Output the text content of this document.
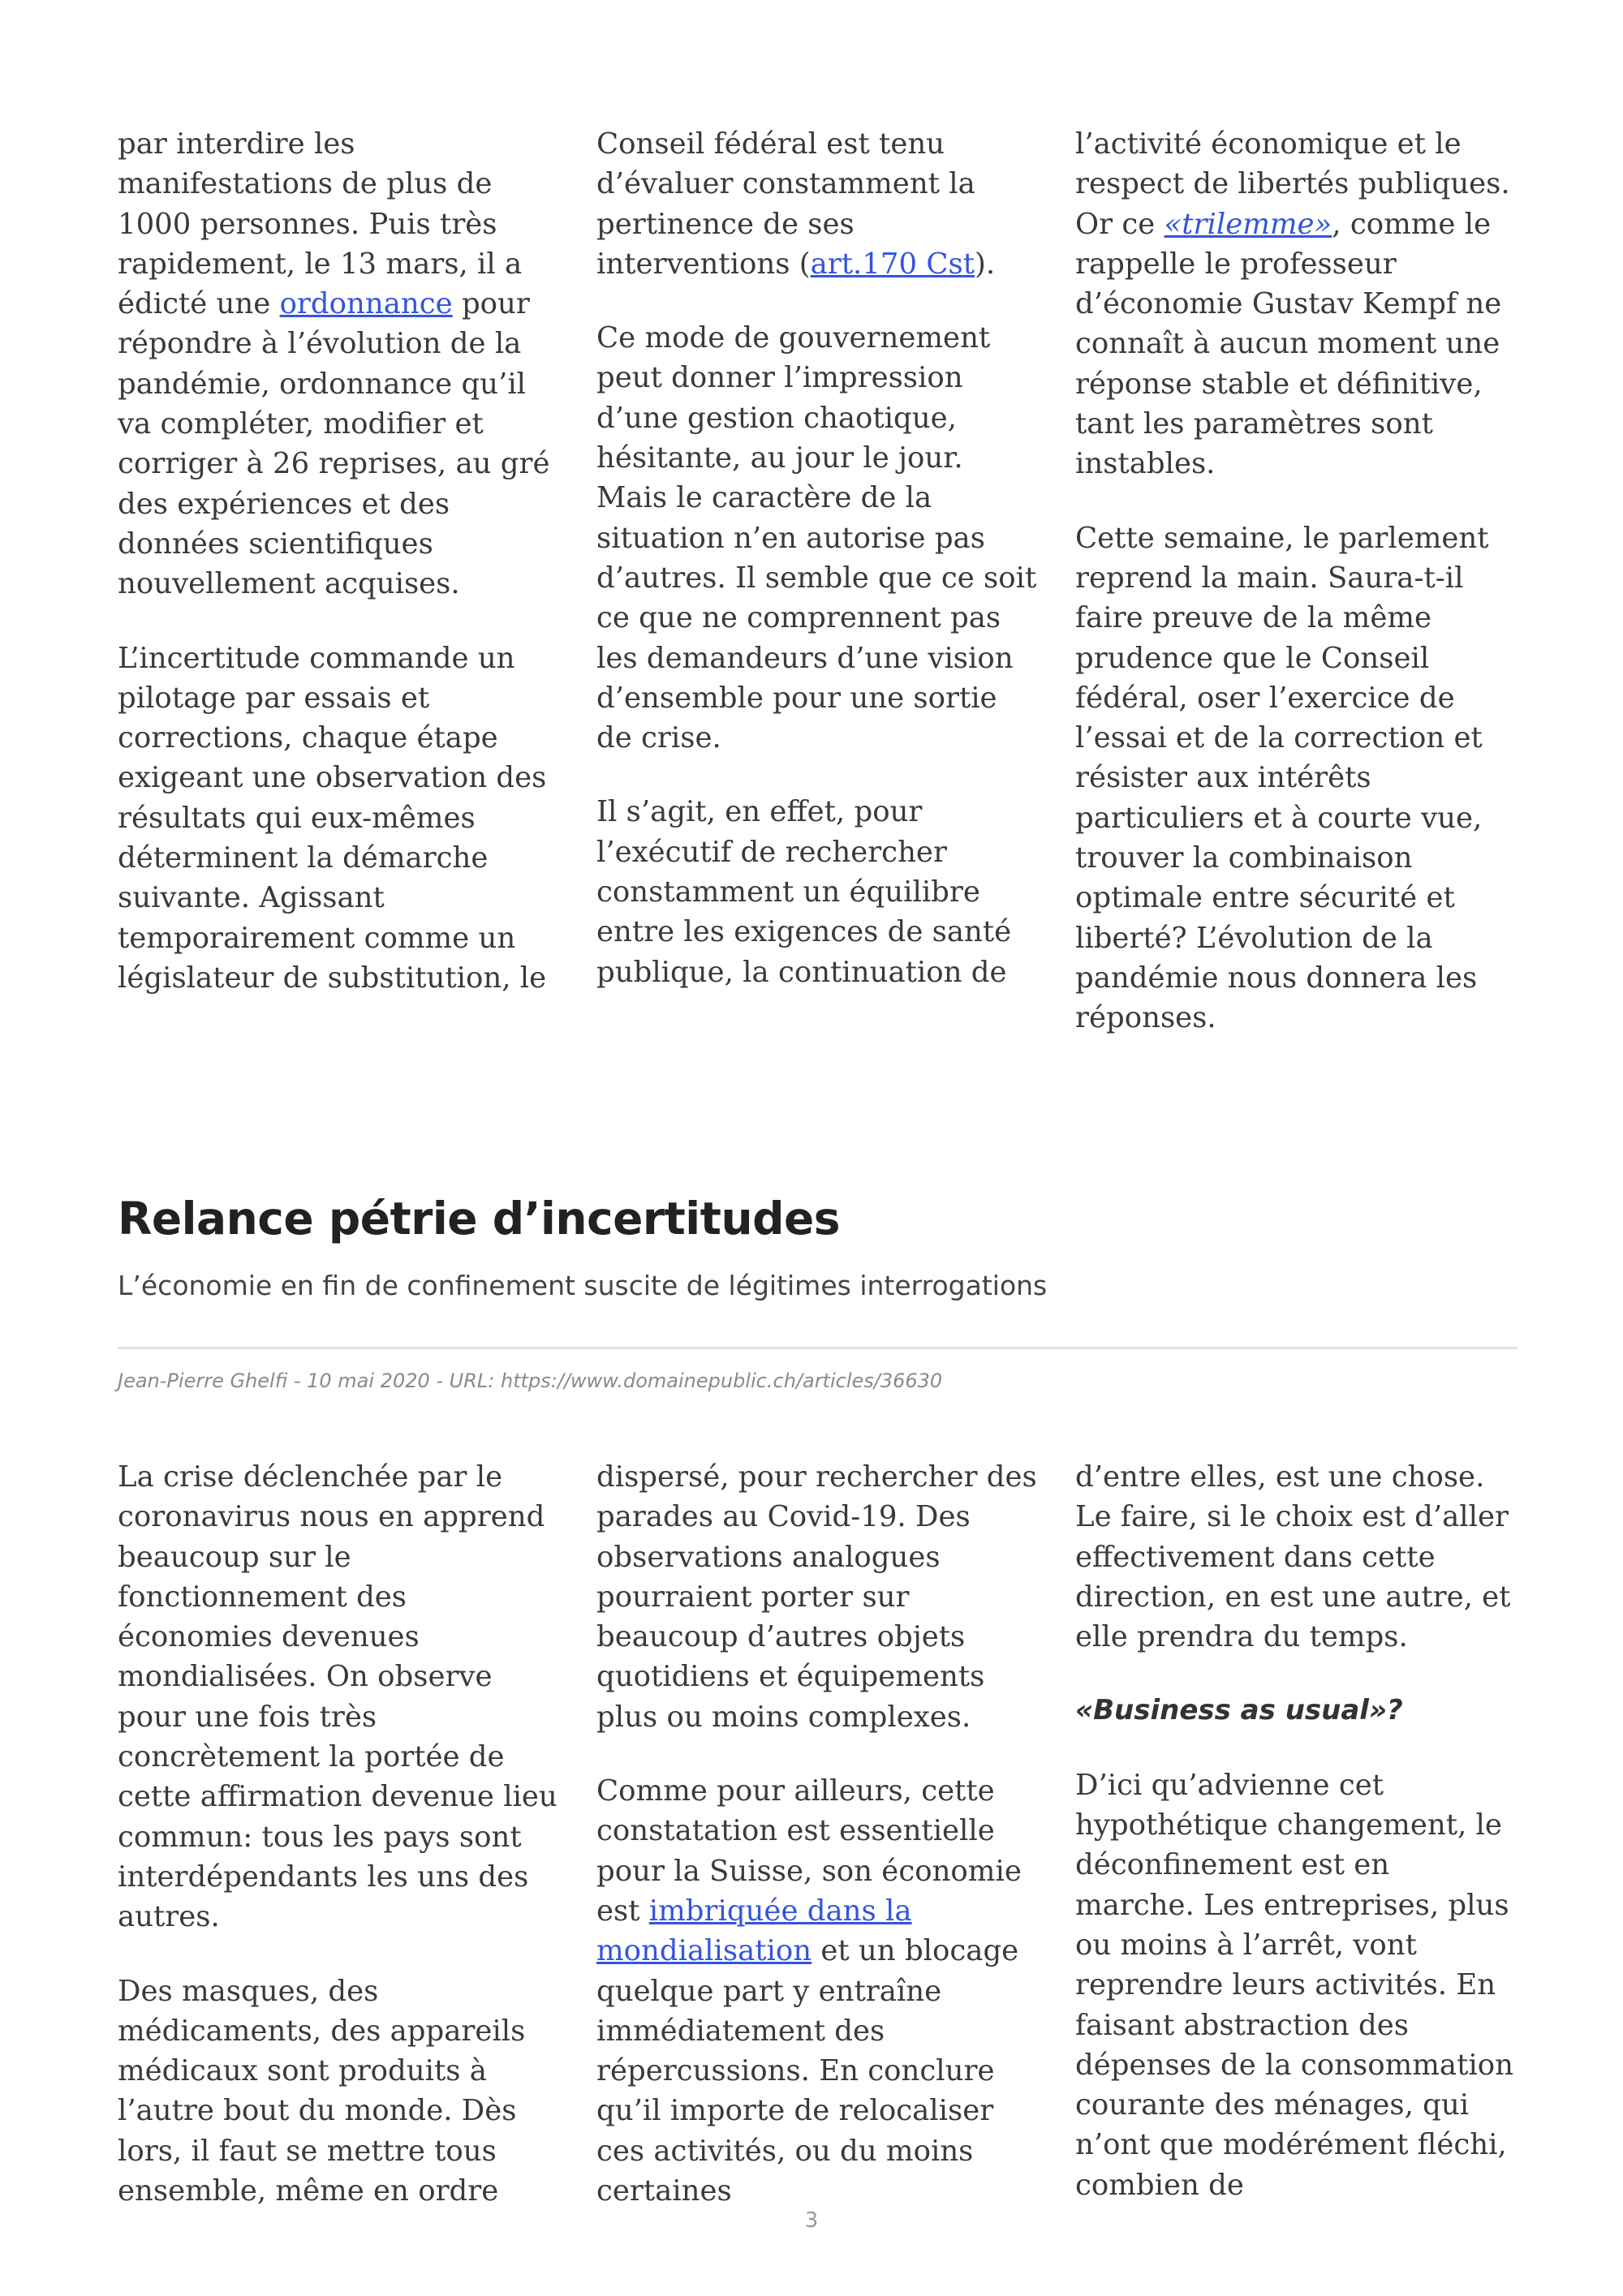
par interdire les manifestations de plus de 1000 personnes. Puis très rapidement, le 13 mars, il a édicté une ordonnance pour répondre à l’évolution de la pandémie, ordonnance qu’il va compléter, modifier et corriger à 26 reprises, au gré des expériences et des données scientifiques nouvellement acquises.

L’incertitude commande un pilotage par essais et corrections, chaque étape exigeant une observation des résultats qui eux-mêmes déterminent la démarche suivante. Agissant temporairement comme un législateur de substitution, le

Conseil fédéral est tenu d’évaluer constamment la pertinence de ses interventions (art.170 Cst).

Ce mode de gouvernement peut donner l’impression d’une gestion chaotique, hésitante, au jour le jour. Mais le caractère de la situation n’en autorise pas d’autres. Il semble que ce soit ce que ne comprennent pas les demandeurs d’une vision d’ensemble pour une sortie de crise.

Il s’agit, en effet, pour l’exécutif de rechercher constamment un équilibre entre les exigences de santé publique, la continuation de

l’activité économique et le respect de libertés publiques. Or ce «trilemme», comme le rappelle le professeur d’économie Gustav Kempf ne connaît à aucun moment une réponse stable et définitive, tant les paramètres sont instables.

Cette semaine, le parlement reprend la main. Saura-t-il faire preuve de la même prudence que le Conseil fédéral, oser l’exercice de l’essai et de la correction et résister aux intérêts particuliers et à courte vue, trouver la combinaison optimale entre sécurité et liberté? L’évolution de la pandémie nous donnera les réponses.

Relance pétrie d’incertitudes

L’économie en fin de confinement suscite de légitimes interrogations

Jean-Pierre Ghelfi - 10 mai 2020 - URL: https://www.domainepublic.ch/articles/36630

La crise déclenchée par le coronavirus nous en apprend beaucoup sur le fonctionnement des économies devenues mondialisées. On observe pour une fois très concrètement la portée de cette affirmation devenue lieu commun: tous les pays sont interdépendants les uns des autres.

Des masques, des médicaments, des appareils médicaux sont produits à l’autre bout du monde. Dès lors, il faut se mettre tous ensemble, même en ordre

dispersé, pour rechercher des parades au Covid-19. Des observations analogues pourraient porter sur beaucoup d’autres objets quotidiens et équipements plus ou moins complexes.

Comme pour ailleurs, cette constatation est essentielle pour la Suisse, son économie est imbriquée dans la mondialisation et un blocage quelque part y entraîne immédiatement des répercussions. En conclure qu’il importe de relocaliser ces activités, ou du moins certaines

d’entre elles, est une chose. Le faire, si le choix est d’aller effectivement dans cette direction, en est une autre, et elle prendra du temps.

«Business as usual»?

D’ici qu’advienne cet hypothétique changement, le déconfinement est en marche. Les entreprises, plus ou moins à l’arrêt, vont reprendre leurs activités. En faisant abstraction des dépenses de la consommation courante des ménages, qui n’ont que modérément fléchi, combien de

3
